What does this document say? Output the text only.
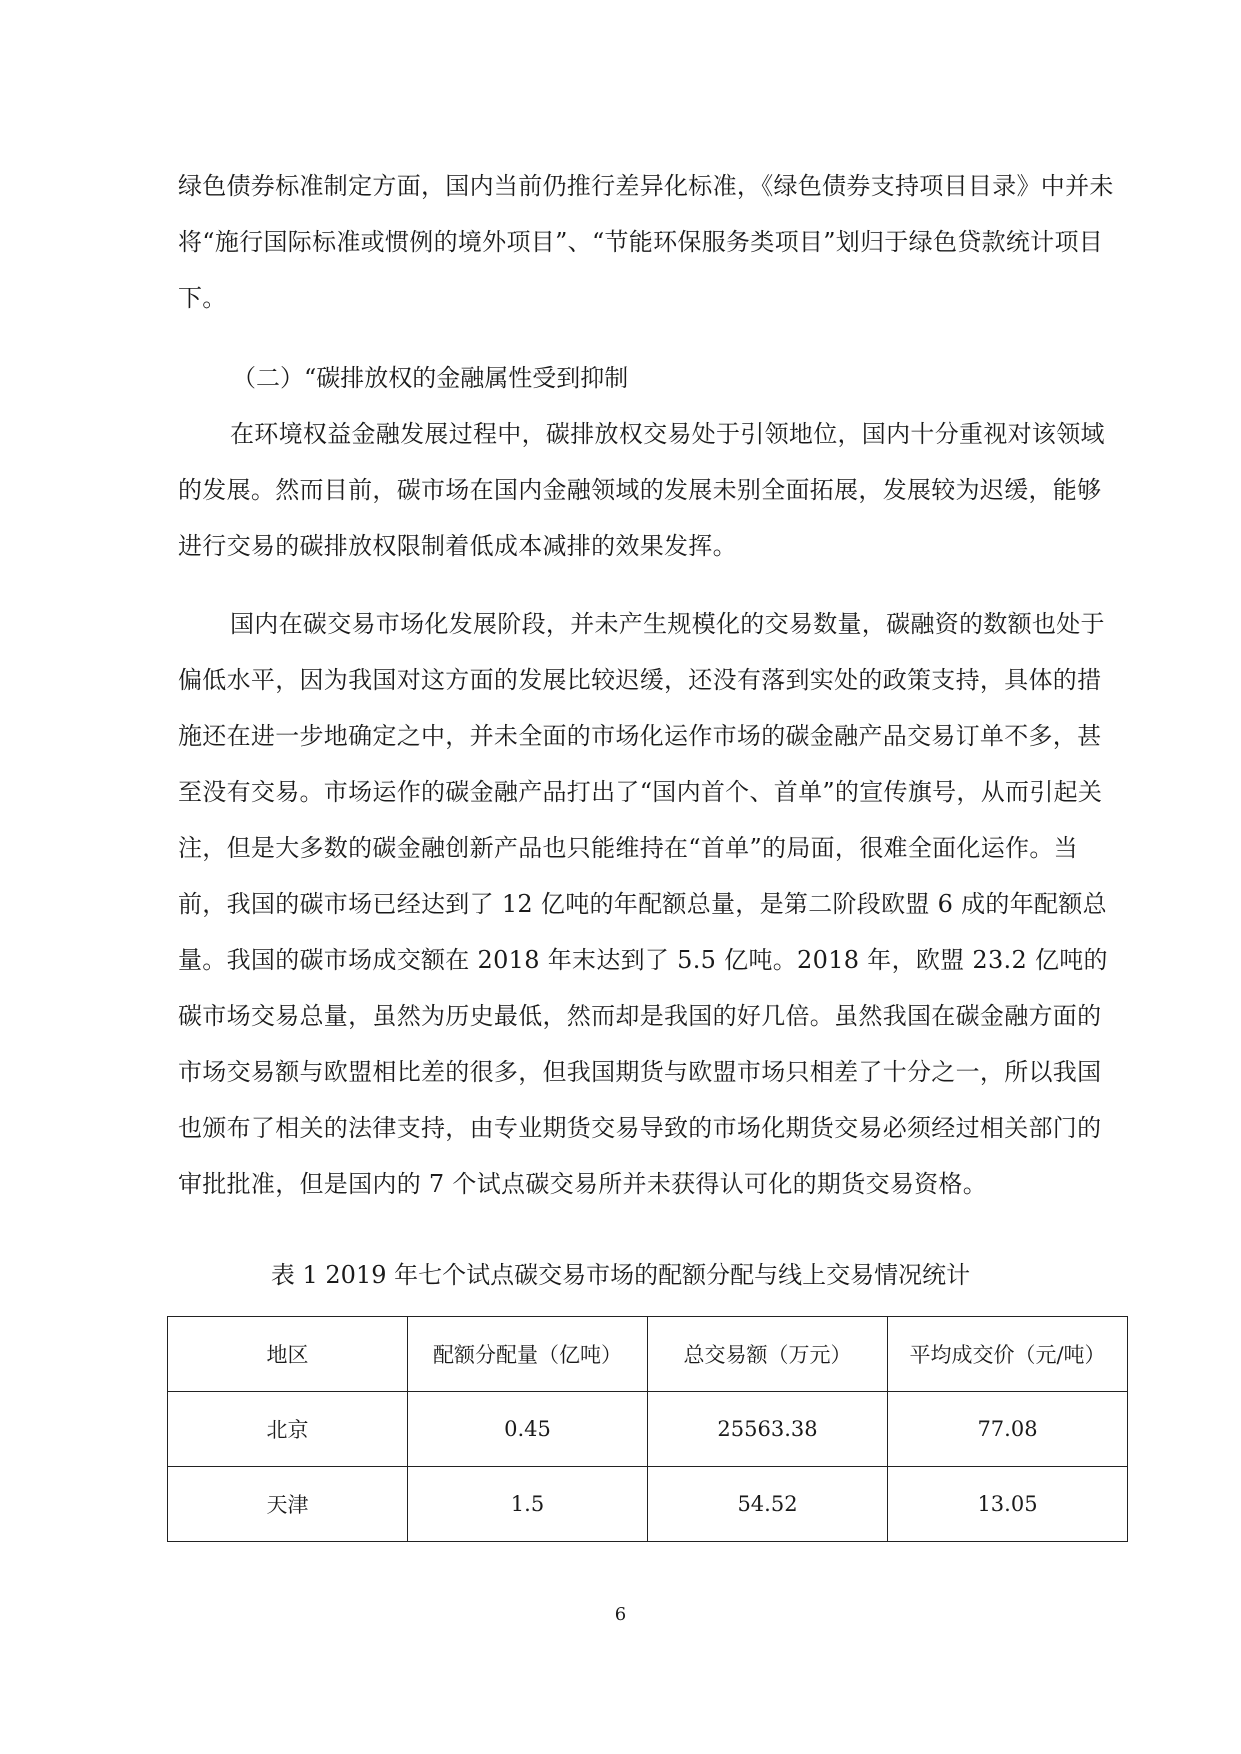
绿色债券标准制定方面，国内当前仍推行差异化标准，《绿色债券支持项目目录》中并未将“施行国际标准或惯例的境外项目”、“节能环保服务类项目”划归于绿色贷款统计项目下。

（二）“碳排放权的金融属性受到抑制

在环境权益金融发展过程中，碳排放权交易处于引领地位，国内十分重视对该领域的发展。然而目前，碳市场在国内金融领域的发展未别全面拓展，发展较为迟缓，能够进行交易的碳排放权限制着低成本减排的效果发挥。

国内在碳交易市场化发展阶段，并未产生规模化的交易数量，碳融资的数额也处于偏低水平，因为我国对这方面的发展比较迟缓，还没有落到实处的政策支持，具体的措施还在进一步地确定之中，并未全面的市场化运作市场的碳金融产品交易订单不多，甚至没有交易。市场运作的碳金融产品打出了“国内首个、首单”的宣传旗号，从而引起关注，但是大多数的碳金融创新产品也只能维持在“首单”的局面，很难全面化运作。当前，我国的碳市场已经达到了 12 亿吨的年配额总量，是第二阶段欧盟 6 成的年配额总量。我国的碳市场成交额在 2018 年末达到了 5.5 亿吨。2018 年，欧盟 23.2 亿吨的碳市场交易总量，虽然为历史最低，然而却是我国的好几倍。虽然我国在碳金融方面的市场交易额与欧盟相比差的很多，但我国期货与欧盟市场只相差了十分之一，所以我国也颁布了相关的法律支持，由专业期货交易导致的市场化期货交易必须经过相关部门的审批批准，但是国内的 7 个试点碳交易所并未获得认可化的期货交易资格。

表 1 2019 年七个试点碳交易市场的配额分配与线上交易情况统计

地区	配额分配量（亿吨）	总交易额（万元）	平均成交价（元/吨）
北京	0.45	25563.38	77.08
天津	1.5	54.52	13.05
6
